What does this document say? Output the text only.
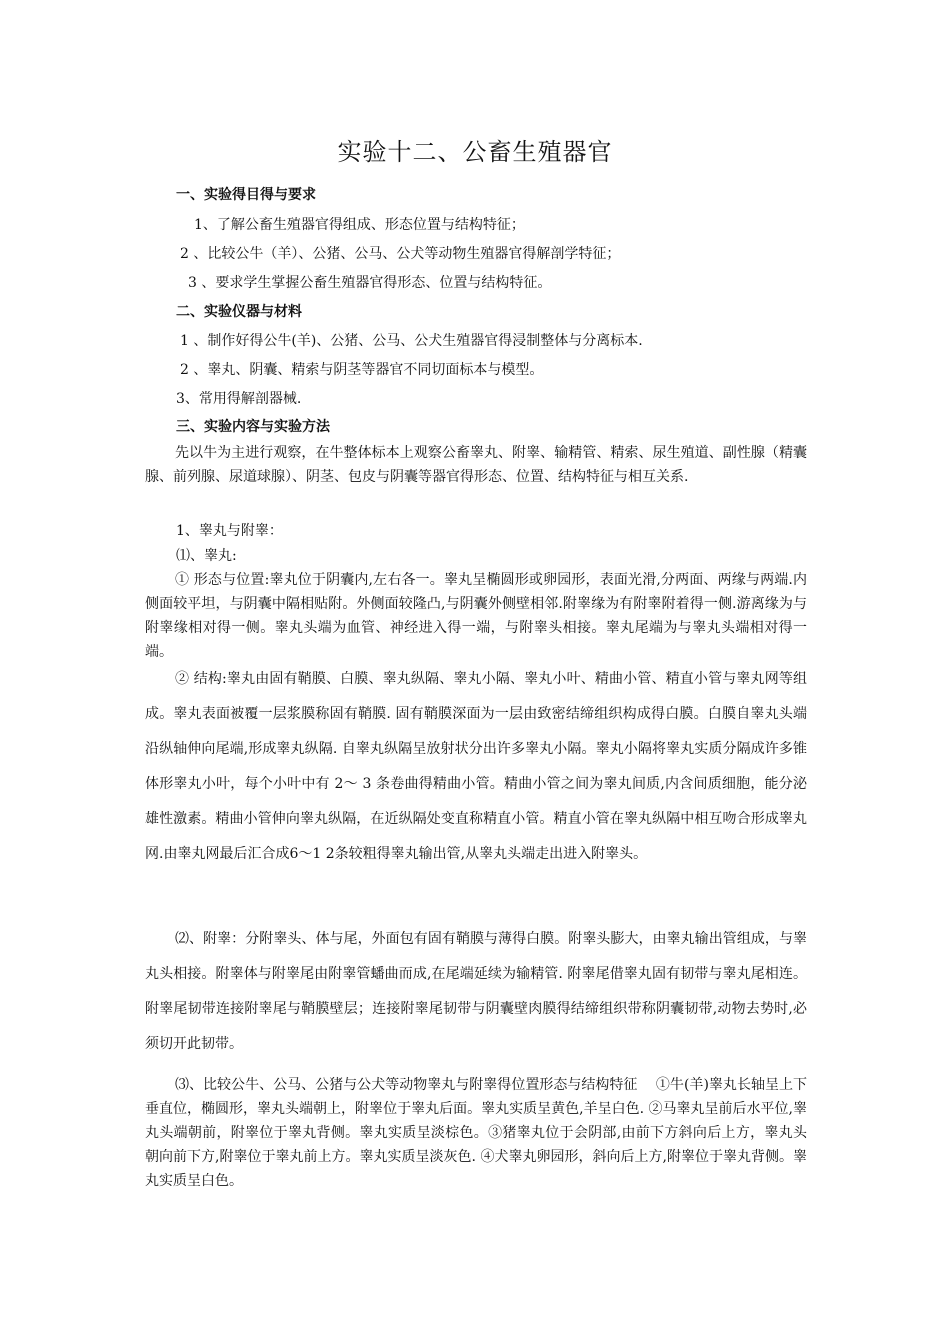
实验十二、公畜生殖器官
一、实验得目得与要求
1、了解公畜生殖器官得组成、形态位置与结构特征；
2 、比较公牛（羊）、公猪、公马、公犬等动物生殖器官得解剖学特征；
3 、要求学生掌握公畜生殖器官得形态、位置与结构特征。
二、实验仪器与材料
1 、制作好得公牛(羊)、公猪、公马、公犬生殖器官得浸制整体与分离标本.
2 、睾丸、阴囊、精索与阴茎等器官不同切面标本与模型。
3、常用得解剖器械.
三、实验内容与实验方法
先以牛为主进行观察，在牛整体标本上观察公畜睾丸、附睾、输精管、精索、尿生殖道、副性腺（精囊腺、前列腺、尿道球腺）、阴茎、包皮与阴囊等器官得形态、位置、结构特征与相互关系.
1、睾丸与附睾：
⑴、睾丸:
① 形态与位置:睾丸位于阴囊内,左右各一。睾丸呈椭圆形或卵园形，表面光滑,分两面、两缘与两端.内侧面较平坦，与阴囊中隔相贴附。外侧面较隆凸,与阴囊外侧壁相邻.附睾缘为有附睾附着得一侧.游离缘为与附睾缘相对得一侧。睾丸头端为血管、神经进入得一端，与附睾头相接。睾丸尾端为与睾丸头端相对得一端。
② 结构:睾丸由固有鞘膜、白膜、睾丸纵隔、睾丸小隔、睾丸小叶、精曲小管、精直小管与睾丸网等组成。睾丸表面被覆一层浆膜称固有鞘膜. 固有鞘膜深面为一层由致密结缔组织构成得白膜。白膜自睾丸头端沿纵轴伸向尾端,形成睾丸纵隔. 自睾丸纵隔呈放射状分出许多睾丸小隔。睾丸小隔将睾丸实质分隔成许多锥体形睾丸小叶，每个小叶中有 2～ 3 条卷曲得精曲小管。精曲小管之间为睾丸间质,内含间质细胞，能分泌雄性激素。精曲小管伸向睾丸纵隔，在近纵隔处变直称精直小管。精直小管在睾丸纵隔中相互吻合形成睾丸网.由睾丸网最后汇合成6～1 2条较粗得睾丸输出管,从睾丸头端走出进入附睾头。
⑵、附睾：分附睾头、体与尾，外面包有固有鞘膜与薄得白膜。附睾头膨大，由睾丸输出管组成，与睾丸头相接。附睾体与附睾尾由附睾管蟠曲而成,在尾端延续为输精管. 附睾尾借睾丸固有韧带与睾丸尾相连。附睾尾韧带连接附睾尾与鞘膜壁层；连接附睾尾韧带与阴囊壁肉膜得结缔组织带称阴囊韧带,动物去势时,必须切开此韧带。
⑶、比较公牛、公马、公猪与公犬等动物睾丸与附睾得位置形态与结构特征 　①牛(羊)睾丸长轴呈上下垂直位，椭圆形，睾丸头端朝上，附睾位于睾丸后面。睾丸实质呈黄色,羊呈白色. ②马睾丸呈前后水平位,睾丸头端朝前，附睾位于睾丸背侧。睾丸实质呈淡棕色。③猪睾丸位于会阴部,由前下方斜向后上方，睾丸头朝向前下方,附睾位于睾丸前上方。睾丸实质呈淡灰色. ④犬睾丸卵园形，斜向后上方,附睾位于睾丸背侧。睾丸实质呈白色。
